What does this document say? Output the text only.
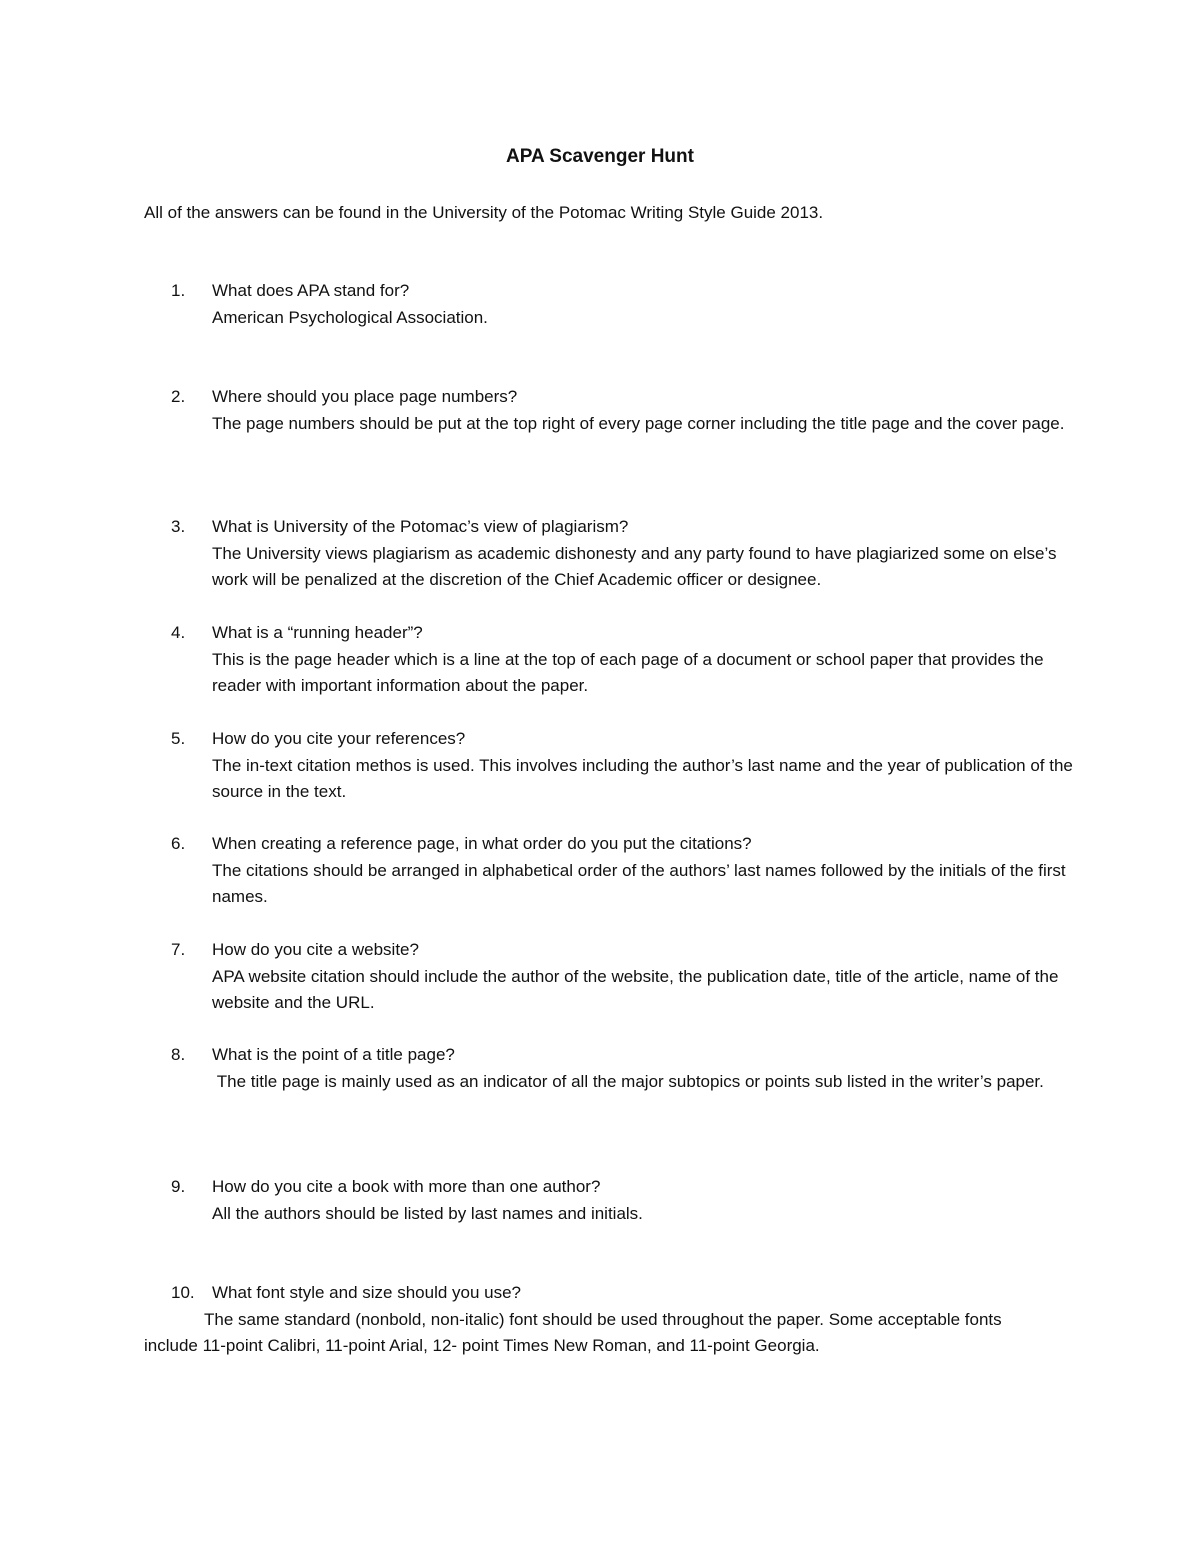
APA Scavenger Hunt
All of the answers can be found in the University of the Potomac Writing Style Guide 2013.
1.	What does APA stand for?
American Psychological Association.
2.	Where should you place page numbers?
The page numbers should be put at the top right of every page corner including the title page and the cover page.
3.	What is University of the Potomac’s view of plagiarism?
The University views plagiarism as academic dishonesty and any party found to have plagiarized some on else’s work will be penalized at the discretion of the Chief Academic officer or designee.
4.	What is a “running header”?
This is the page header which is a line at the top of each page of a document or school paper that provides the reader with important information about the paper.
5.	How do you cite your references?
The in-text citation methos is used. This involves including the author’s last name and the year of publication of the source in the text.
6.	When creating a reference page, in what order do you put the citations?
The citations should be arranged in alphabetical order of the authors’ last names followed by the initials of the first names.
7.	How do you cite a website?
APA website citation should include the author of the website, the publication date, title of the article, name of the website and the URL.
8.	What is the point of a title page?
The title page is mainly used as an indicator of all the major subtopics or points sub listed in the writer’s paper.
9.	How do you cite a book with more than one author?
All the authors should be listed by last names and initials.
10.	What font style and size should you use?
The same standard (nonbold, non-italic) font should be used throughout the paper. Some acceptable fonts include 11-point Calibri, 11-point Arial, 12- point Times New Roman, and 11-point Georgia.
